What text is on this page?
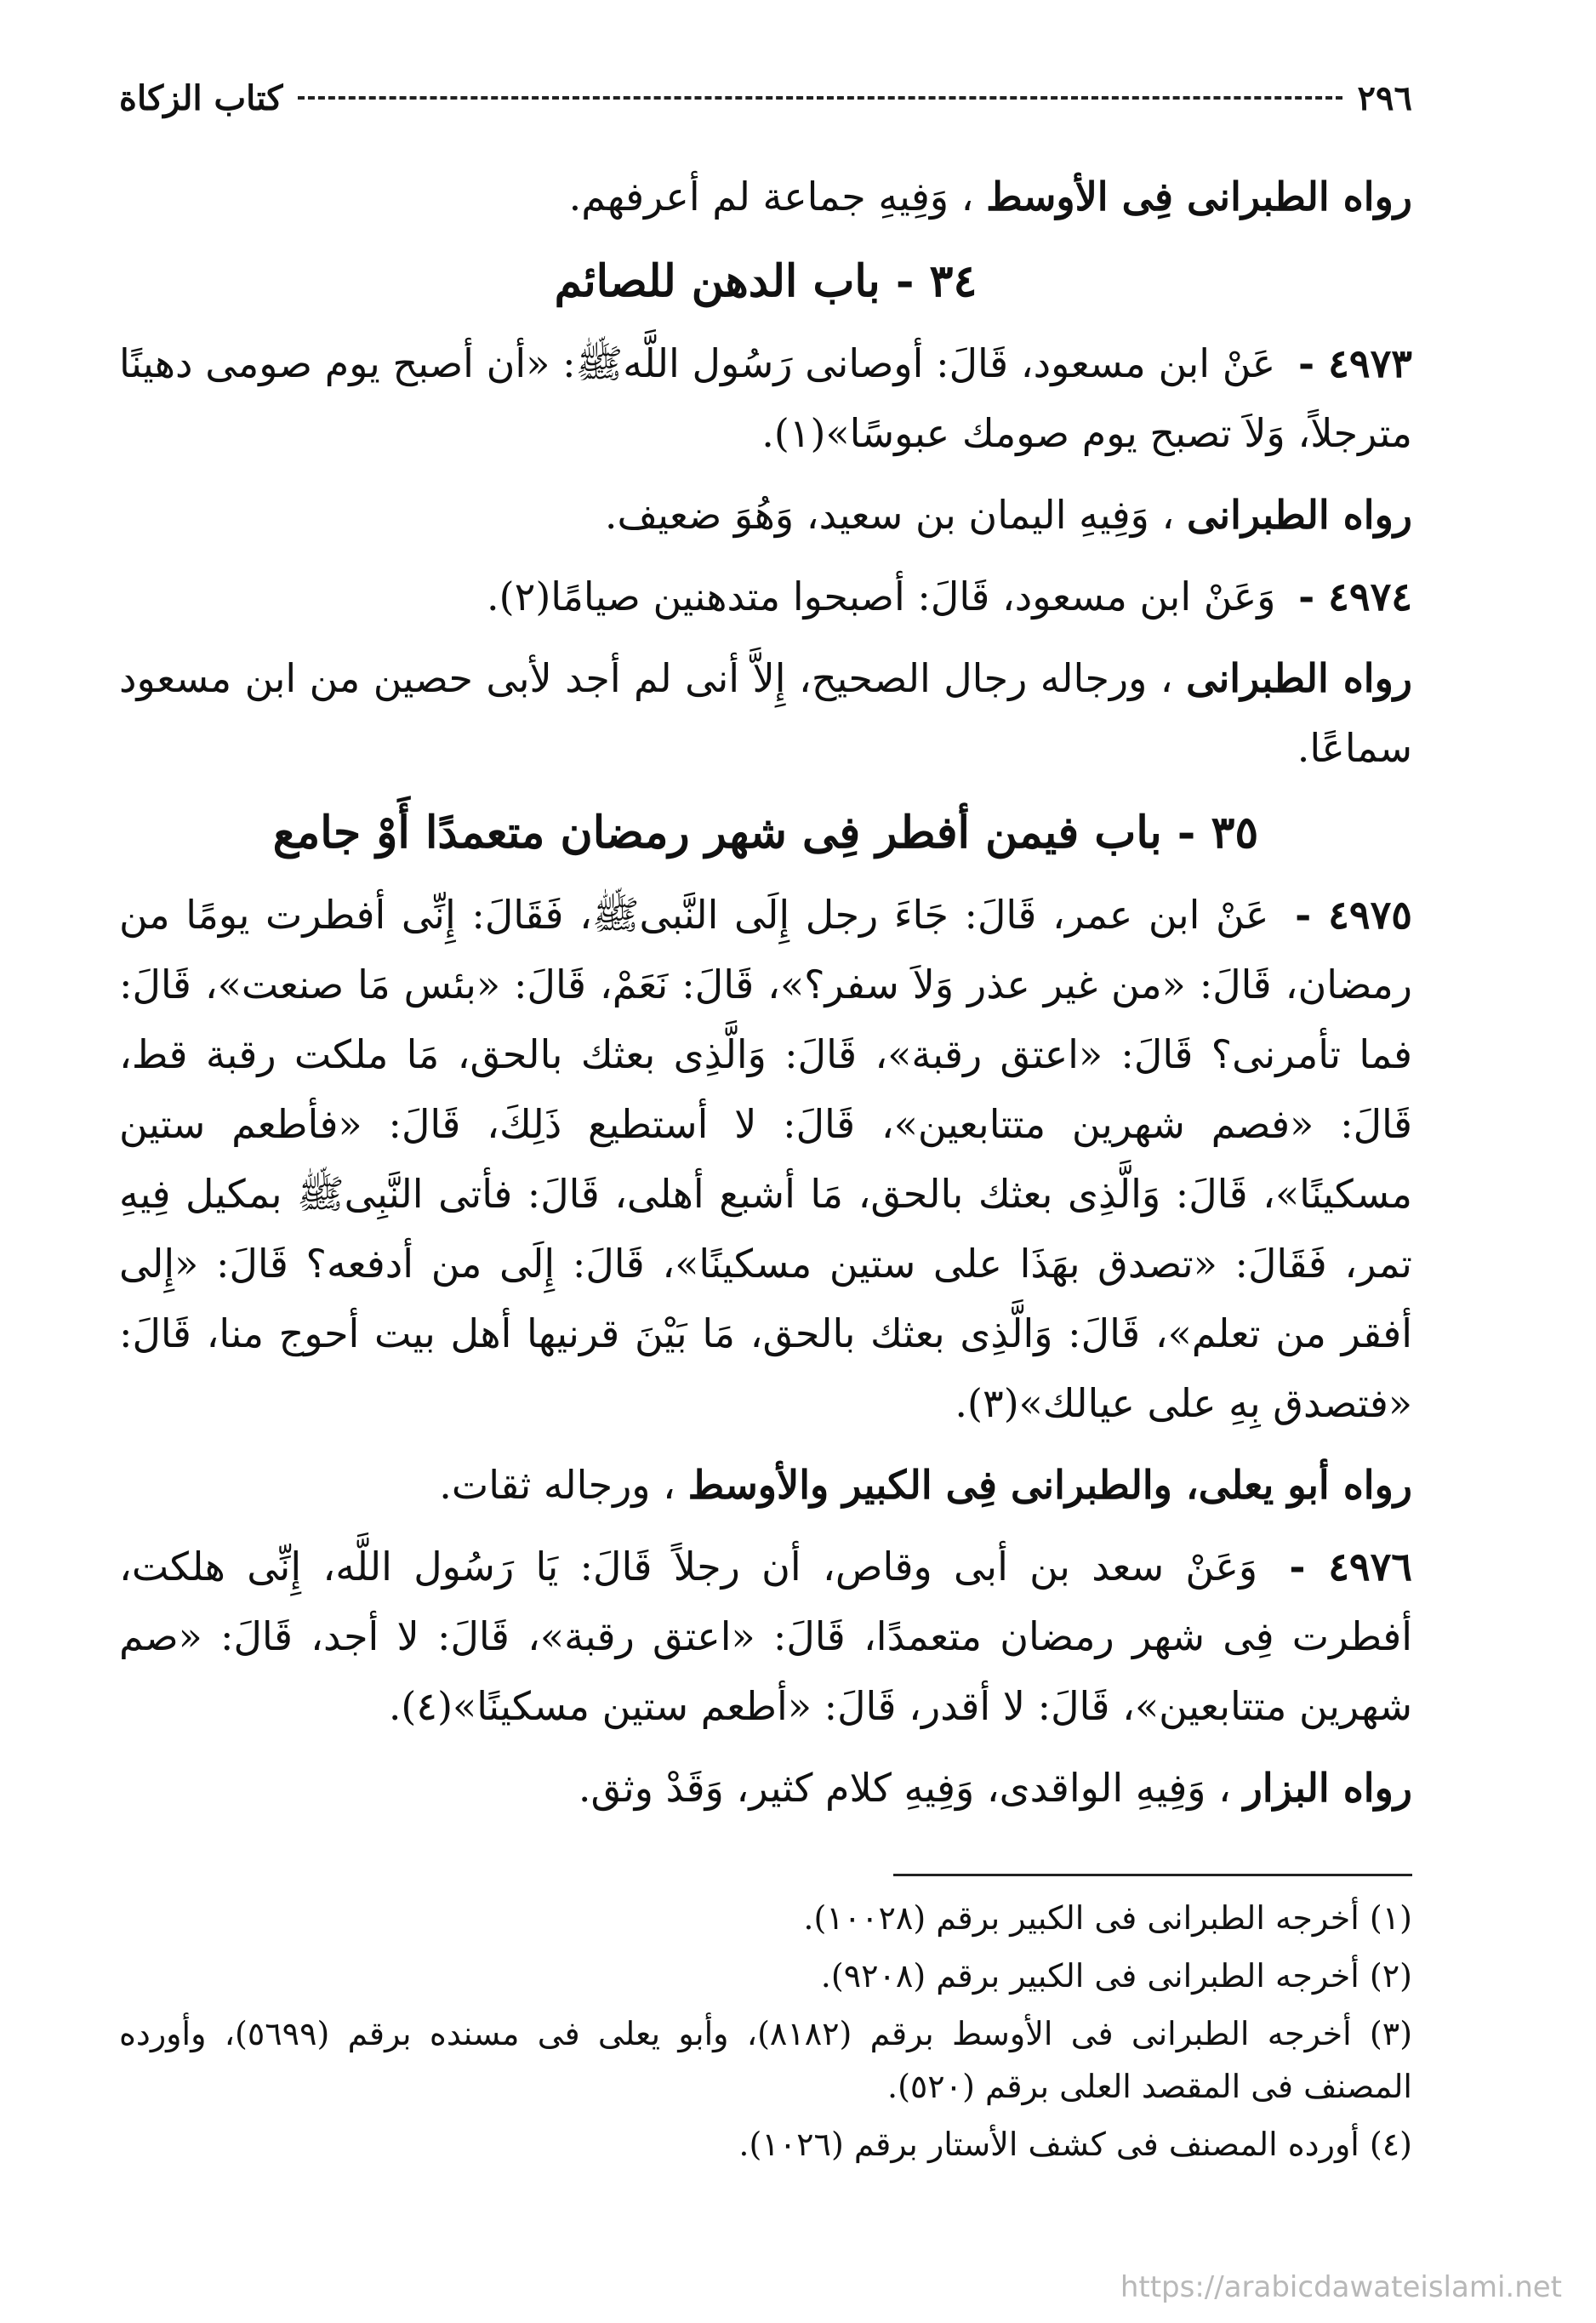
٢٩٦
كتاب الزكاة

رواه الطبرانى فِى الأوسط ، وَفِيهِ جماعة لم أعرفهم.

٣٤ - باب الدهن للصائم

٤٩٧٣ - عَنْ ابن مسعود، قَالَ: أوصانى رَسُول اللَّهﷺ: «أن أصبح يوم صومى دهينًا مترجلاً، وَلاَ تصبح يوم صومك عبوسًا»(١).

رواه الطبرانى ، وَفِيهِ اليمان بن سعيد، وَهُوَ ضعيف.

٤٩٧٤ - وَعَنْ ابن مسعود، قَالَ: أصبحوا متدهنين صيامًا(٢).

رواه الطبرانى ، ورجاله رجال الصحيح، إِلاَّ أنى لم أجد لأبى حصين من ابن مسعود سماعًا.

٣٥ - باب فيمن أفطر فِى شهر رمضان متعمدًا أَوْ جامع

٤٩٧٥ - عَنْ ابن عمر، قَالَ: جَاءَ رجل إِلَى النَّبىﷺ، فَقَالَ: إِنِّى أفطرت يومًا من رمضان، قَالَ: «من غير عذر وَلاَ سفر؟»، قَالَ: نَعَمْ، قَالَ: «بئس مَا صنعت»، قَالَ: فما تأمرنى؟ قَالَ: «اعتق رقبة»، قَالَ: وَالَّذِى بعثك بالحق، مَا ملكت رقبة قط، قَالَ: «فصم شهرين متتابعين»، قَالَ: لا أستطيع ذَلِكَ، قَالَ: «فأطعم ستين مسكينًا»، قَالَ: وَالَّذِى بعثك بالحق، مَا أشبع أهلى، قَالَ: فأتى النَّبِىﷺ بمكيل فِيهِ تمر، فَقَالَ: «تصدق بهَذَا على ستين مسكينًا»، قَالَ: إِلَى من أدفعه؟ قَالَ: «إِلى أفقر من تعلم»، قَالَ: وَالَّذِى بعثك بالحق، مَا بَيْنَ قرنيها أهل بيت أحوج منا، قَالَ: «فتصدق بِهِ على عيالك»(٣).

رواه أبو يعلى، والطبرانى فِى الكبير والأوسط ، ورجاله ثقات.

٤٩٧٦ - وَعَنْ سعد بن أبى وقاص، أن رجلاً قَالَ: يَا رَسُول اللَّه، إِنِّى هلكت، أفطرت فِى شهر رمضان متعمدًا، قَالَ: «اعتق رقبة»، قَالَ: لا أجد، قَالَ: «صم شهرين متتابعين»، قَالَ: لا أقدر، قَالَ: «أطعم ستين مسكينًا»(٤).

رواه البزار ، وَفِيهِ الواقدى، وَفِيهِ كلام كثير، وَقَدْ وثق.

(١) أخرجه الطبرانى فى الكبير برقم (١٠٠٢٨).

(٢) أخرجه الطبرانى فى الكبير برقم (٩٢٠٨).

(٣) أخرجه الطبرانى فى الأوسط برقم (٨١٨٢)، وأبو يعلى فى مسنده برقم (٥٦٩٩)، وأورده المصنف فى المقصد العلى برقم (٥٢٠).

(٤) أورده المصنف فى كشف الأستار برقم (١٠٢٦).

https://arabicdawateislami.net
